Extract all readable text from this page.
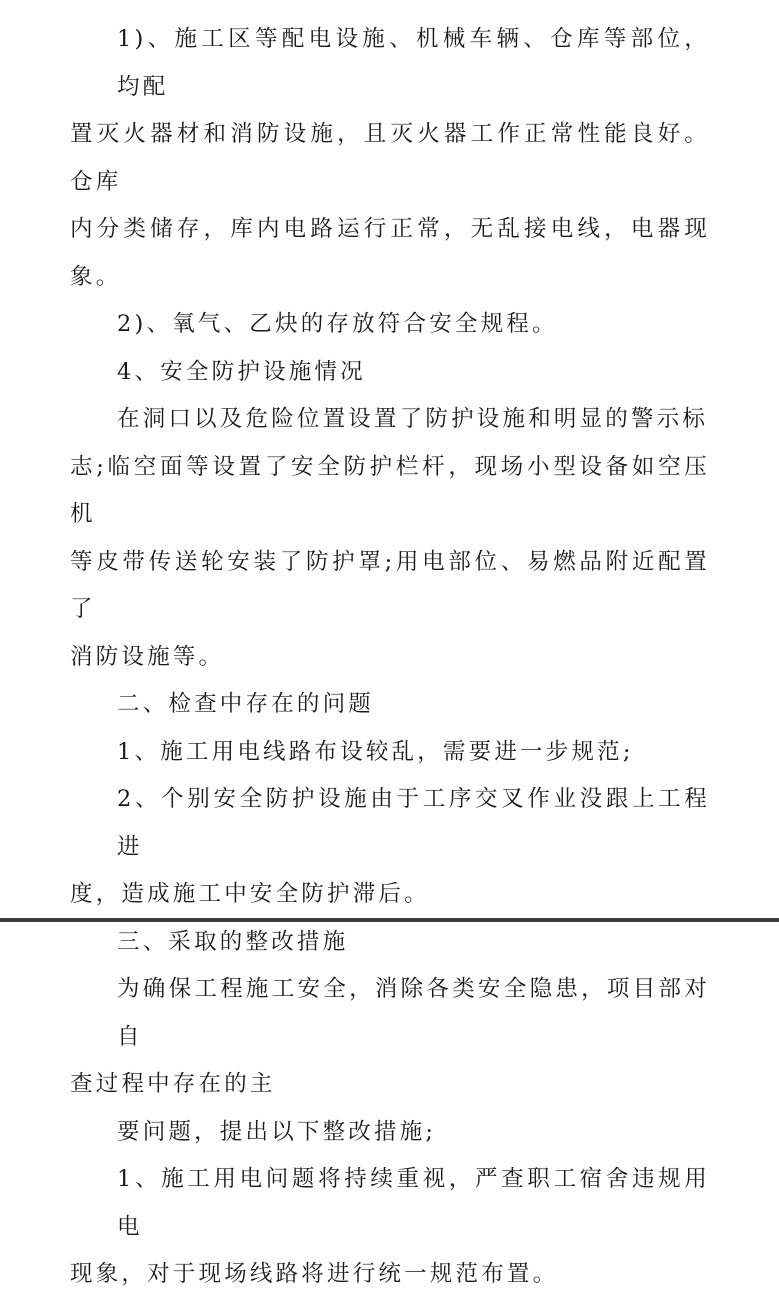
1)、施工区等配电设施、机械车辆、仓库等部位，均配
置灭火器材和消防设施，且灭火器工作正常性能良好。仓库
内分类储存，库内电路运行正常，无乱接电线，电器现象。

2)、氧气、乙炔的存放符合安全规程。

4、安全防护设施情况

在洞口以及危险位置设置了防护设施和明显的警示标
志;临空面等设置了安全防护栏杆，现场小型设备如空压机
等皮带传送轮安装了防护罩;用电部位、易燃品附近配置了
消防设施等。

二、检查中存在的问题

1、施工用电线路布设较乱，需要进一步规范;

2、个别安全防护设施由于工序交叉作业没跟上工程进
度，造成施工中安全防护滞后。

三、采取的整改措施

为确保工程施工安全，消除各类安全隐患，项目部对自
查过程中存在的主

要问题，提出以下整改措施;

1、施工用电问题将持续重视，严查职工宿舍违规用电
现象，对于现场线路将进行统一规范布置。
